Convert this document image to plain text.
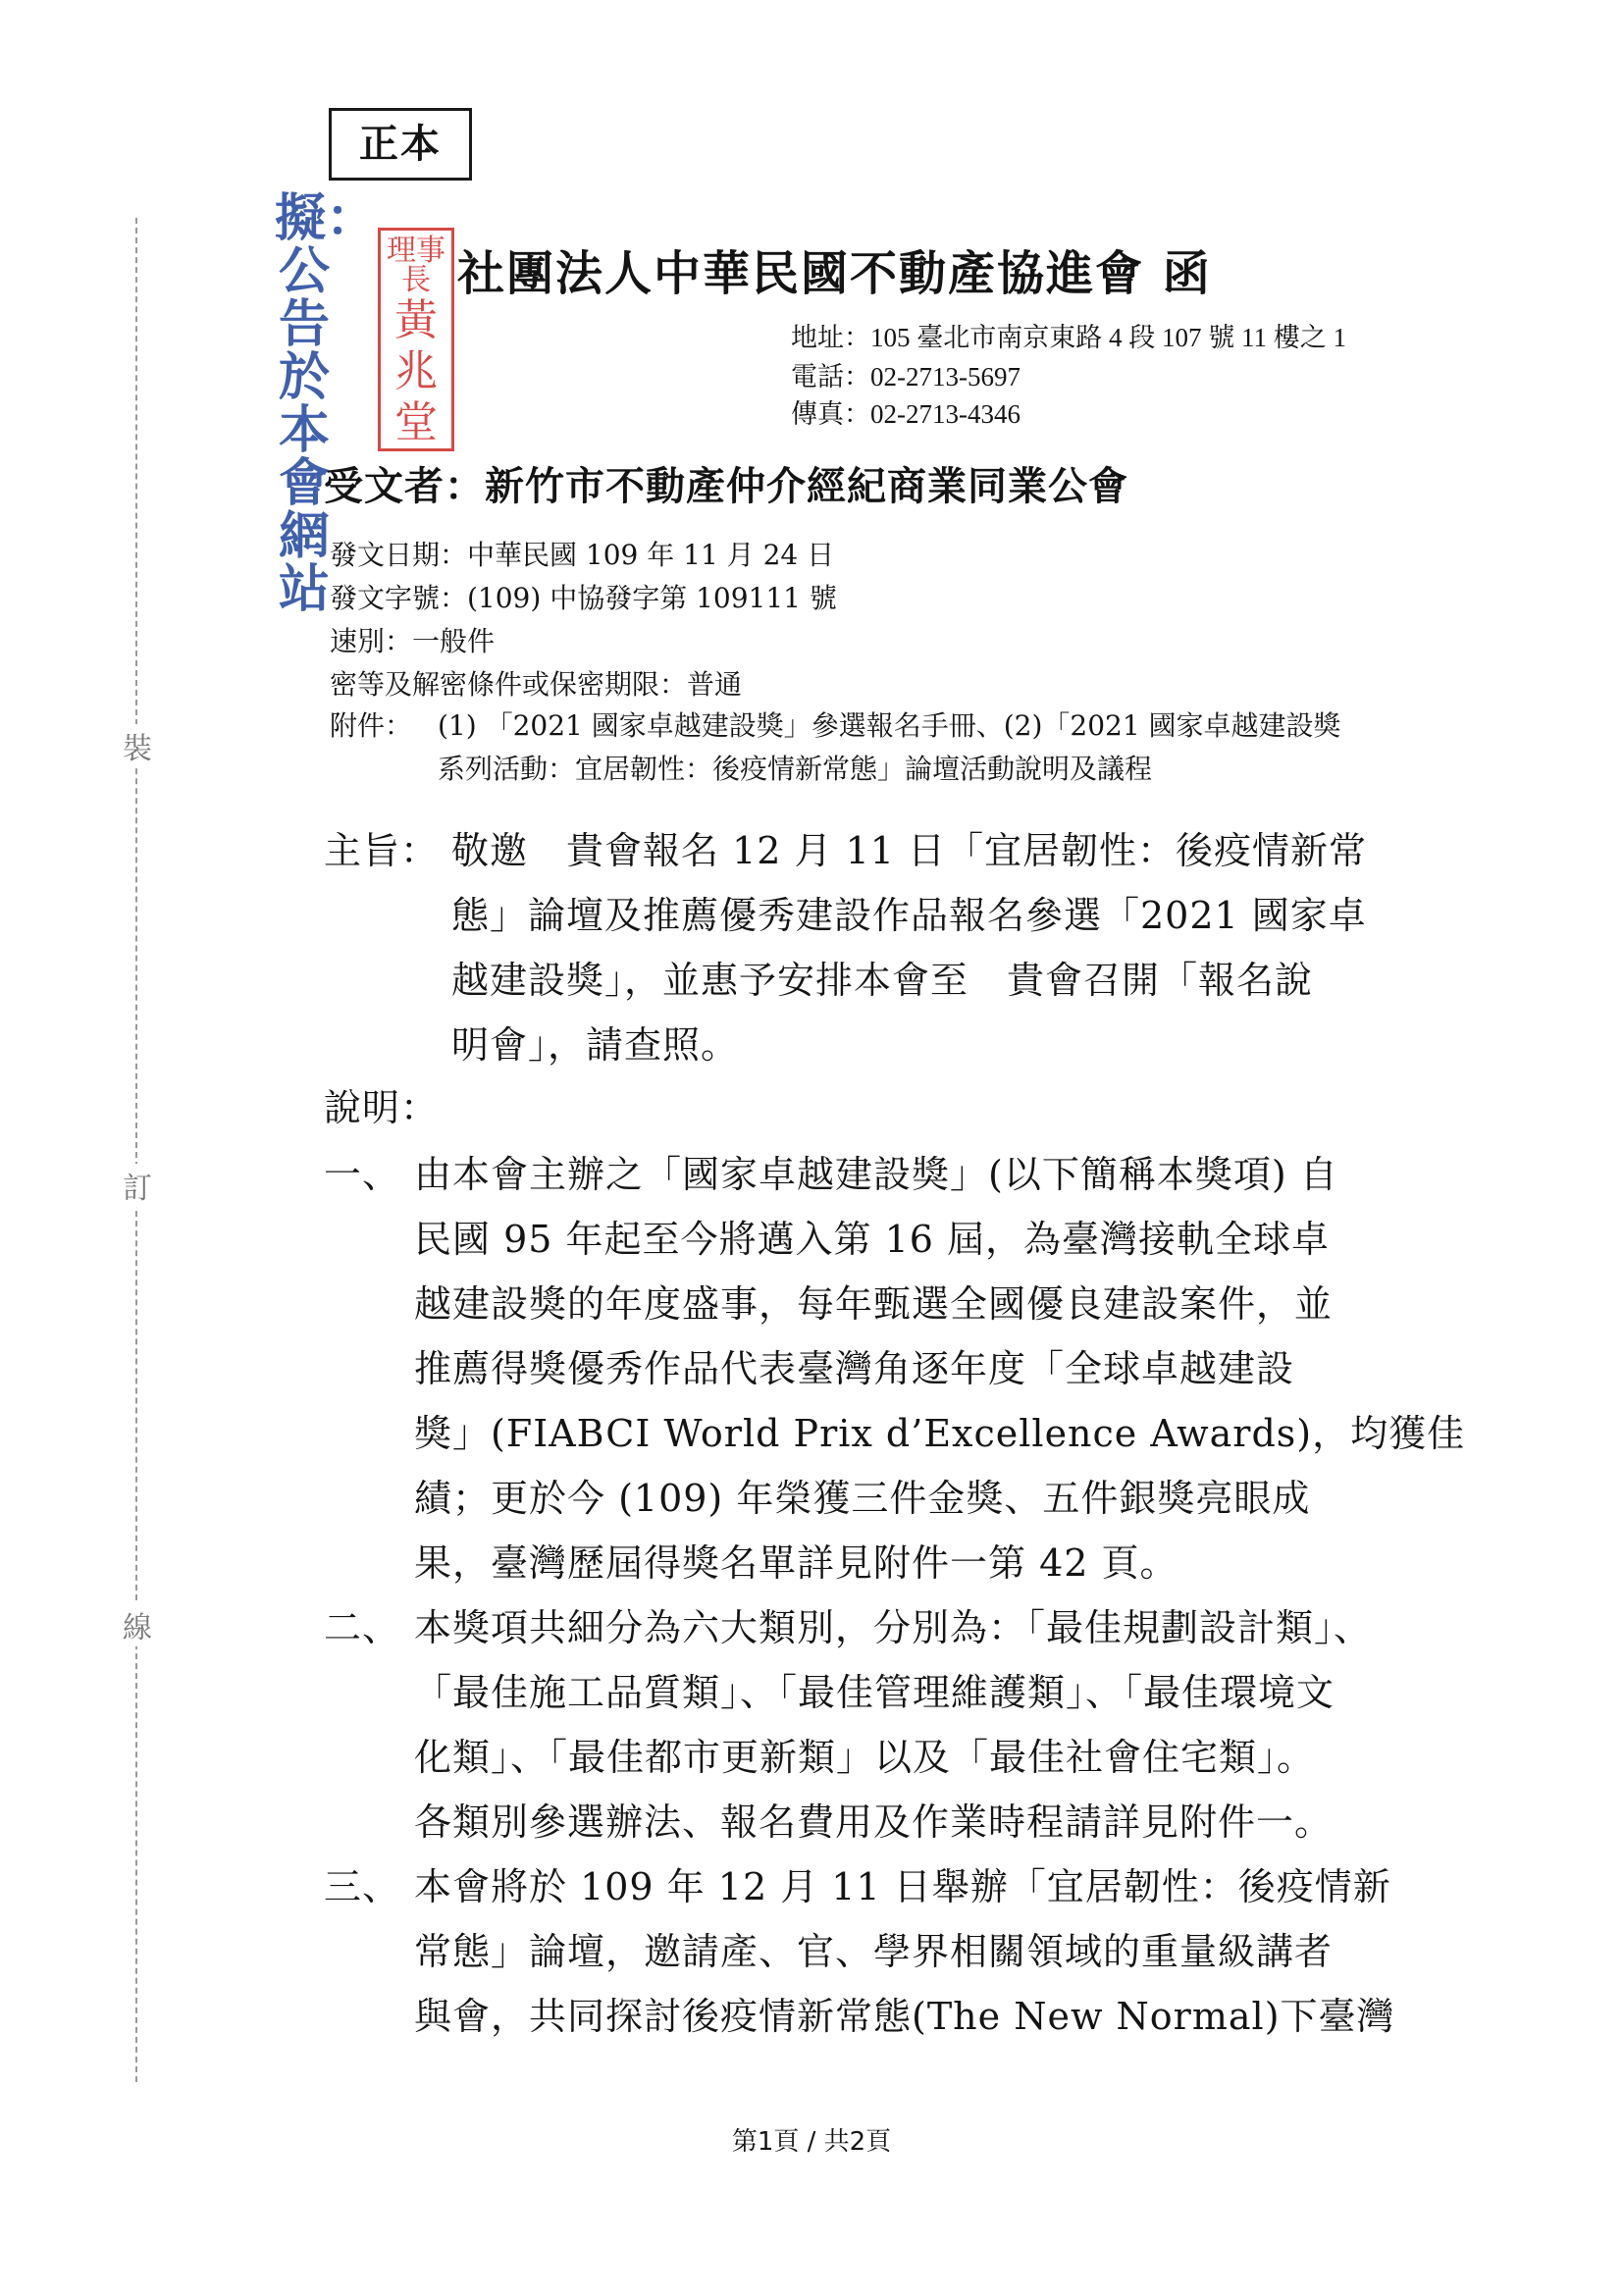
裝
訂
線
正本
擬：公告於本會網站
理事長
黃兆堂
社團法人中華民國不動產協進會 函
地址：105 臺北市南京東路 4 段 107 號 11 樓之 1
電話：02-2713-5697
傳真：02-2713-4346
受文者：新竹市不動產仲介經紀商業同業公會
發文日期：中華民國 109 年 11 月 24 日
發文字號：(109) 中協發字第 109111 號
速別：一般件
密等及解密條件或保密期限：普通
附件： (1) 「2021 國家卓越建設獎」參選報名手冊、(2)「2021 國家卓越建設獎
系列活動：宜居韌性：後疫情新常態」論壇活動說明及議程
主旨： 敬邀　貴會報名 12 月 11 日「宜居韌性：後疫情新常
態」論壇及推薦優秀建設作品報名參選「2021 國家卓
越建設獎」，並惠予安排本會至　貴會召開「報名說
明會」，請查照。
說明：
一、 由本會主辦之「國家卓越建設獎」(以下簡稱本獎項) 自
民國 95 年起至今將邁入第 16 屆，為臺灣接軌全球卓
越建設獎的年度盛事，每年甄選全國優良建設案件，並
推薦得獎優秀作品代表臺灣角逐年度「全球卓越建設
獎」(FIABCI World Prix d’Excellence Awards)，均獲佳
績；更於今 (109) 年榮獲三件金獎、五件銀獎亮眼成
果，臺灣歷屆得獎名單詳見附件一第 42 頁。
二、 本獎項共細分為六大類別，分別為：「最佳規劃設計類」、
「最佳施工品質類」、「最佳管理維護類」、「最佳環境文
化類」、「最佳都市更新類」以及「最佳社會住宅類」。
各類別參選辦法、報名費用及作業時程請詳見附件一。
三、 本會將於 109 年 12 月 11 日舉辦「宜居韌性：後疫情新
常態」論壇，邀請產、官、學界相關領域的重量級講者
與會，共同探討後疫情新常態(The New Normal)下臺灣
第1頁 / 共2頁
